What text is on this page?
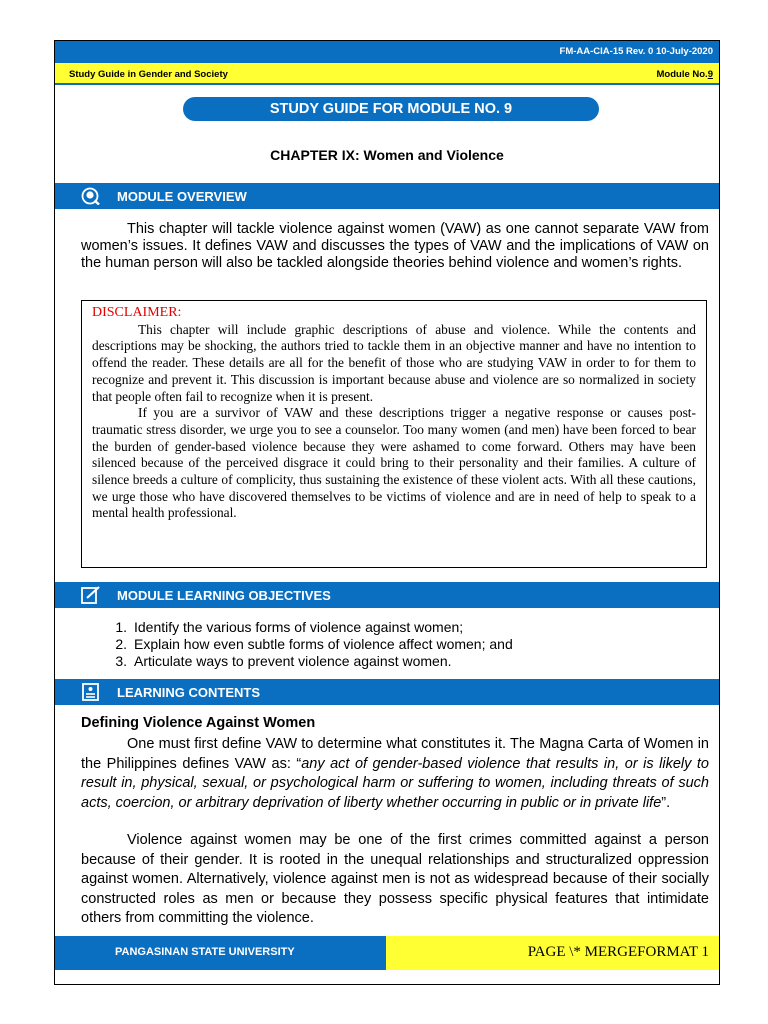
FM-AA-CIA-15 Rev. 0 10-July-2020
Study Guide in Gender and Society	Module No.9
STUDY GUIDE FOR MODULE NO. 9
CHAPTER IX: Women and Violence
MODULE OVERVIEW
This chapter will tackle violence against women (VAW) as one cannot separate VAW from women’s issues. It defines VAW and discusses the types of VAW and the implications of VAW on the human person will also be tackled alongside theories behind violence and women’s rights.
DISCLAIMER:
This chapter will include graphic descriptions of abuse and violence. While the contents and descriptions may be shocking, the authors tried to tackle them in an objective manner and have no intention to offend the reader. These details are all for the benefit of those who are studying VAW in order to for them to recognize and prevent it. This discussion is important because abuse and violence are so normalized in society that people often fail to recognize when it is present.
If you are a survivor of VAW and these descriptions trigger a negative response or causes post-traumatic stress disorder, we urge you to see a counselor. Too many women (and men) have been forced to bear the burden of gender-based violence because they were ashamed to come forward. Others may have been silenced because of the perceived disgrace it could bring to their personality and their families. A culture of silence breeds a culture of complicity, thus sustaining the existence of these violent acts. With all these cautions, we urge those who have discovered themselves to be victims of violence and are in need of help to speak to a mental health professional.
MODULE LEARNING OBJECTIVES
1. Identify the various forms of violence against women;
2. Explain how even subtle forms of violence affect women; and
3. Articulate ways to prevent violence against women.
LEARNING CONTENTS
Defining Violence Against Women
One must first define VAW to determine what constitutes it. The Magna Carta of Women in the Philippines defines VAW as: “any act of gender-based violence that results in, or is likely to result in, physical, sexual, or psychological harm or suffering to women, including threats of such acts, coercion, or arbitrary deprivation of liberty whether occurring in public or in private life”.
Violence against women may be one of the first crimes committed against a person because of their gender. It is rooted in the unequal relationships and structuralized oppression against women. Alternatively, violence against men is not as widespread because of their socially constructed roles as men or because they possess specific physical features that intimidate others from committing the violence.
PANGASINAN STATE UNIVERSITY	PAGE \* MERGEFORMAT 1
